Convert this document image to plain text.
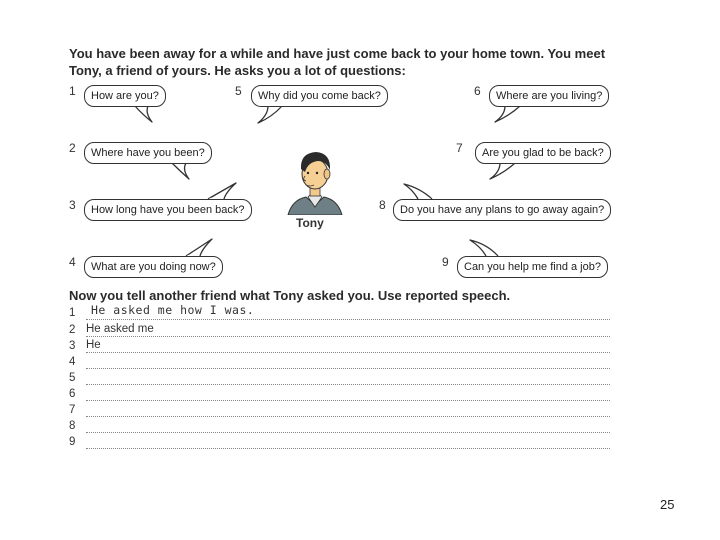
You have been away for a while and have just come back to your home town. You meet Tony, a friend of yours. He asks you a lot of questions:
1
2
3
4
5	6
7
8
9
How are you?
Where have you been?
How long have you been back?
What are you doing now?
Why did you come back?	Where are you living?
Are you glad to be back?
Do you have any plans to go away again?
Can you help me find a job?
Tony
Now you tell another friend what Tony asked you. Use reported speech.
1 He asked me how I was.
2 He asked me
3 He
4
5
6
7
8
9
25
